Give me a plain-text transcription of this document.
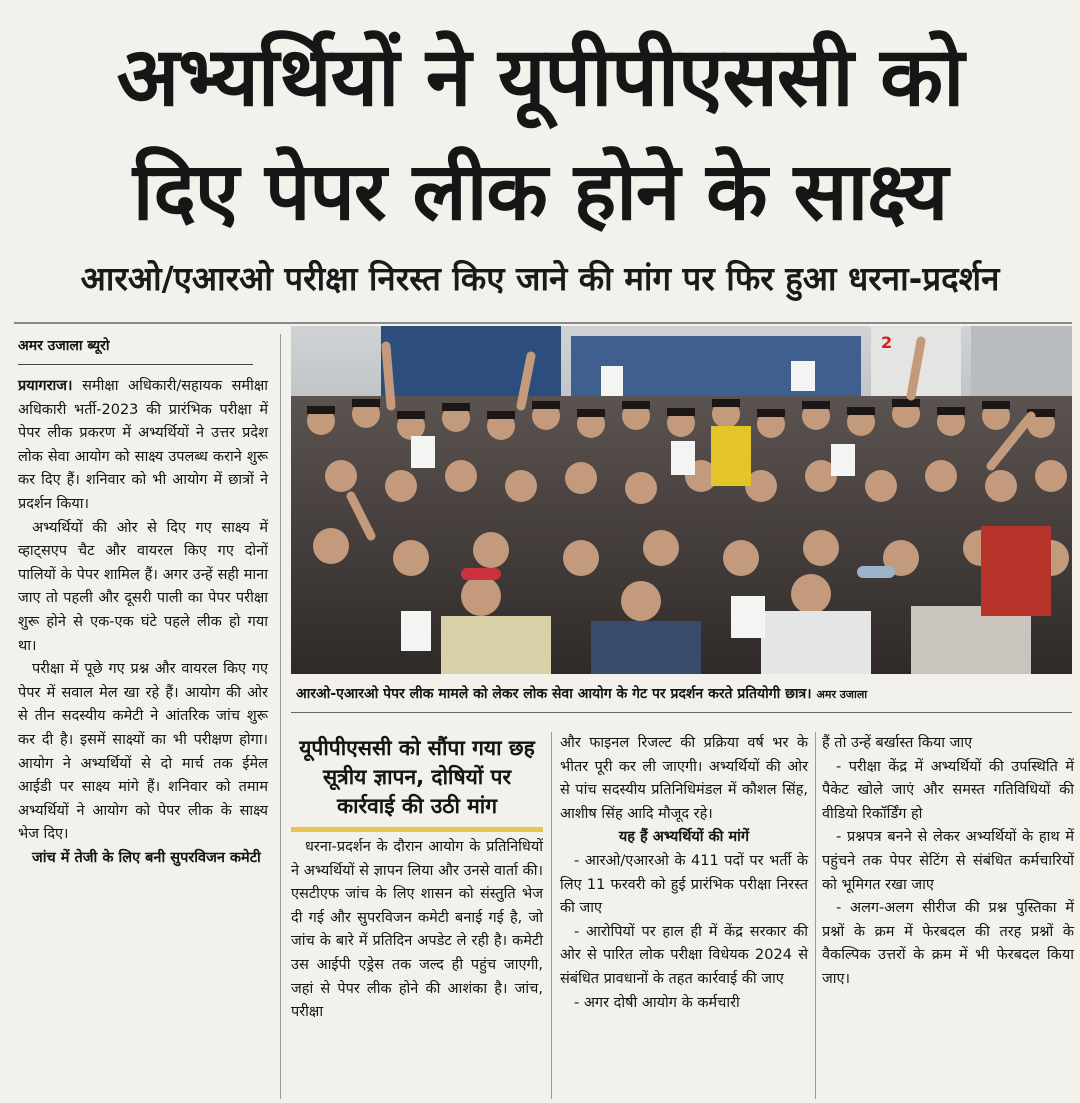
अभ्यर्थियों ने यूपीपीएससी को
दिए पेपर लीक होने के साक्ष्य
आरओ/एआरओ परीक्षा निरस्त किए जाने की मांग पर फिर हुआ धरना-प्रदर्शन
अमर उजाला ब्यूरो

प्रयागराज। समीक्षा अधिकारी/सहायक समीक्षा अधिकारी भर्ती-2023 की प्रारंभिक परीक्षा में पेपर लीक प्रकरण में अभ्यर्थियों ने उत्तर प्रदेश लोक सेवा आयोग को साक्ष्य उपलब्ध कराने शुरू कर दिए हैं। शनिवार को भी आयोग में छात्रों ने प्रदर्शन किया।

अभ्यर्थियों की ओर से दिए गए साक्ष्य में व्हाट्सएप चैट और वायरल किए गए दोनों पालियों के पेपर शामिल हैं। अगर उन्हें सही माना जाए तो पहली और दूसरी पाली का पेपर परीक्षा शुरू होने से एक-एक घंटे पहले लीक हो गया था।

परीक्षा में पूछे गए प्रश्न और वायरल किए गए पेपर में सवाल मेल खा रहे हैं। आयोग की ओर से तीन सदस्यीय कमेटी ने आंतरिक जांच शुरू कर दी है। इसमें साक्ष्यों का भी परीक्षण होगा। आयोग ने अभ्यर्थियों से दो मार्च तक ईमेल आईडी पर साक्ष्य मांगे हैं। शनिवार को तमाम अभ्यर्थियों ने आयोग को पेपर लीक के साक्ष्य भेज दिए।

जांच में तेजी के लिए बनी सुपरविजन कमेटी

2
आरओ-एआरओ पेपर लीक मामले को लेकर लोक सेवा आयोग के गेट पर प्रदर्शन करते प्रतियोगी छात्र। अमर उजाला
यूपीपीएससी को सौंपा गया छह सूत्रीय ज्ञापन, दोषियों पर कार्रवाई की उठी मांग

धरना-प्रदर्शन के दौरान आयोग के प्रतिनिधियों ने अभ्यर्थियों से ज्ञापन लिया और उनसे वार्ता की। एसटीएफ जांच के लिए शासन को संस्तुति भेज दी गई और सुपरविजन कमेटी बनाई गई है, जो जांच के बारे में प्रतिदिन अपडेट ले रही है। कमेटी उस आईपी एड्रेस तक जल्द ही पहुंच जाएगी, जहां से पेपर लीक होने की आशंका है। जांच, परीक्षा

और फाइनल रिजल्ट की प्रक्रिया वर्ष भर के भीतर पूरी कर ली जाएगी। अभ्यर्थियों की ओर से पांच सदस्यीय प्रतिनिधिमंडल में कौशल सिंह, आशीष सिंह आदि मौजूद रहे।

यह हैं अभ्यर्थियों की मांगें

- आरओ/एआरओ के 411 पदों पर भर्ती के लिए 11 फरवरी को हुई प्रारंभिक परीक्षा निरस्त की जाए

- आरोपियों पर हाल ही में केंद्र सरकार की ओर से पारित लोक परीक्षा विधेयक 2024 से संबंधित प्रावधानों के तहत कार्रवाई की जाए

- अगर दोषी आयोग के कर्मचारी

हैं तो उन्हें बर्खास्त किया जाए

- परीक्षा केंद्र में अभ्यर्थियों की उपस्थिति में पैकेट खोले जाएं और समस्त गतिविधियों की वीडियो रिकॉर्डिंग हो

- प्रश्नपत्र बनने से लेकर अभ्यर्थियों के हाथ में पहुंचने तक पेपर सेटिंग से संबंधित कर्मचारियों को भूमिगत रखा जाए

- अलग-अलग सीरीज की प्रश्न पुस्तिका में प्रश्नों के क्रम में फेरबदल की तरह प्रश्नों के वैकल्पिक उत्तरों के क्रम में भी फेरबदल किया जाए।
